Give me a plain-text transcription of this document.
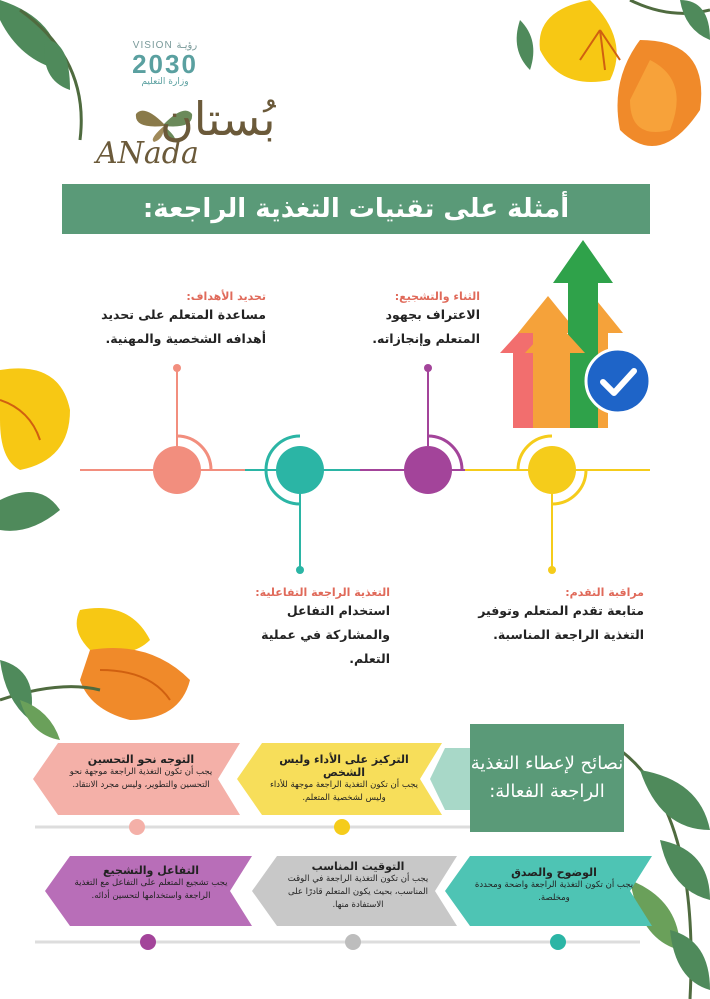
VISION رؤيـة
2030
وزارة التعليم
بُستان
ANada
أمثلة على تقنيات التغذية الراجعة:
تحديد الأهداف:
مساعدة المتعلم على تحديد أهدافه الشخصية والمهنية.
الثناء والتشجيع:
الاعتراف بجهود المتعلم وإنجازاته.
التغذية الراجعة التفاعلية:
استخدام التفاعل والمشاركة في عملية التعلم.
مراقبة التقدم:
متابعة تقدم المتعلم وتوفير التغذية الراجعة المناسبة.
نصائح لإعطاء التغذية الراجعة الفعالة:
التركيز على الأداء وليس الشخص
يجب أن تكون التغذية الراجعة موجهة للأداء وليس لشخصية المتعلم.
التوجه نحو التحسين
يجب أن تكون التغذية الراجعة موجهة نحو التحسين والتطوير، وليس مجرد الانتقاد.
الوضوح والصدق
يجب أن تكون التغذية الراجعة واضحة ومحددة ومخلصة.
التوقيت المناسب
يجب أن تكون التغذية الراجعة في الوقت المناسب، بحيث يكون المتعلم قادرًا على الاستفادة منها.
التفاعل والتشجيع
يجب تشجيع المتعلم على التفاعل مع التغذية الراجعة واستخدامها لتحسين أدائه.
